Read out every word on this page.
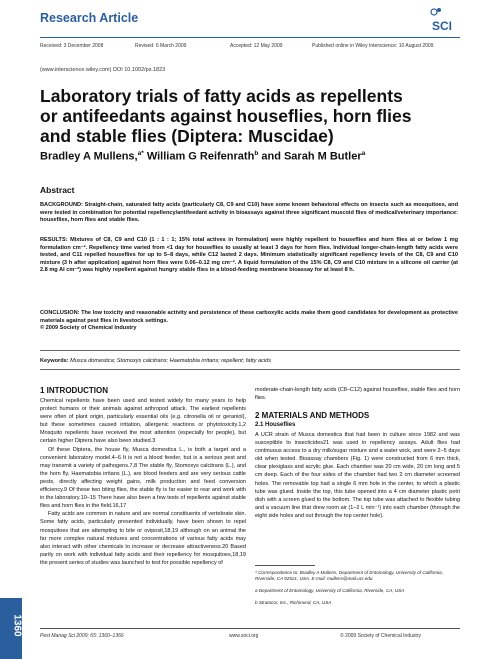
Research Article
SCI
Received: 3 December 2008	Revised: 6 March 2009	Accepted: 12 May 2009	Published online in Wiley Interscience: 10 August 2009
(www.interscience.wiley.com) DOI 10.1002/ps.1823
Laboratory trials of fatty acids as repellents
or antifeedants against houseflies, horn flies
and stable flies (Diptera: Muscidae)
Bradley A Mullens,$^{a*}$ William G Reifenrath$^b$ and Sarah M Butler$^a$
Abstract
BACKGROUND: Straight-chain, saturated fatty acids (particularly C8, C9 and C10) have some known behavioral effects on insects such as mosquitoes, and were tested in combination for potential repellency/antifeedant activity in bioassays against three significant muscoid flies of medical/veterinary importance: houseflies, horn flies and stable flies.
RESULTS: Mixtures of C8, C9 and C10 (1 : 1 : 1; 15% total actives in formulation) were highly repellent to houseflies and horn flies at or below 1 mg formulation cm⁻². Repellency time varied from <1 day for houseflies to usually at least 3 days for horn flies. Individual longer-chain-length fatty acids were tested, and C11 repelled houseflies for up to 5–8 days, while C12 lasted 2 days. Minimum statistically significant repellency levels of the C8, C9 and C10 mixture (3 h after application) against horn flies were 0.06–0.12 mg cm⁻². A liquid formulation of the 15% C8, C9 and C10 mixture in a silicone oil carrier (at 2.8 mg AI cm⁻²) was highly repellent against hungry stable flies in a blood-feeding membrane bioassay for at least 8 h.
CONCLUSION: The low toxicity and reasonable activity and persistence of these carboxylic acids make them good candidates for development as protective materials against pest flies in livestock settings.
© 2009 Society of Chemical Industry
Keywords: Musca domestica; Stomoxys calcitrans; Haematobia irritans; repellent; fatty acids
1 INTRODUCTION

Chemical repellents have been used and tested widely for many years to help protect humans or their animals against arthropod attack. The earliest repellents were often of plant origin, particularly essential oils (e.g. citronella oil or geraniol), but these sometimes caused irritation, allergenic reactions or phytotoxicity.1,2 Mosquito repellents have received the most attention (especially for people), but certain higher Diptera have also been studied.3

Of these Diptera, the house fly, Musca domestica L., is both a target and a convenient laboratory model.4–6 It is not a blood feeder, but is a serious pest and may transmit a variety of pathogens.7,8 The stable fly, Stomoxys calcitrans (L.), and the horn fly, Haematobia irritans (L.), are blood feeders and are very serious cattle pests, directly affecting weight gains, milk production and feed conversion efficiency.9 Of these two biting flies, the stable fly is far easier to rear and work with in the laboratory.10–15 There have also been a few tests of repellents against stable flies and horn flies in the field.16,17

Fatty acids are common in nature and are normal constituents of vertebrate skin. Some fatty acids, particularly presented individually, have been shown to repel mosquitoes that are attempting to bite or oviposit,18,19 although on an animal the far more complex natural mixtures and concentrations of various fatty acids may also interact with other chemicals to increase or decrease attractiveness.20 Based partly on work with individual fatty acids and their repellency for mosquitoes,18,19 the present series of studies was launched to test for possible repellency of

moderate-chain-length fatty acids (C8–C12) against houseflies, stable flies and horn flies.

2 MATERIALS AND METHODS
2.1 Houseflies

A UCR strain of Musca domestica that had been in culture since 1982 and was susceptible to insecticides21 was used in repellency assays. Adult flies had continuous access to a dry milk/sugar mixture and a water wick, and were 2–5 days old when tested. Bioassay chambers (Fig. 1) were constructed from 6 mm thick, clear plexiglass and acrylic glue. Each chamber was 20 cm wide, 20 cm long and 5 cm deep. Each of the four sides of the chamber had two 2 cm diameter screened holes. The removable top had a single 6 mm hole in the center, to which a plastic tube was glued. Inside the top, this tube opened into a 4 cm diameter plastic petri dish with a screen glued to the bottom. The top tube was attached to flexible tubing and a vacuum line that drew room air (1–2 L min⁻¹) into each chamber (through the eight side holes and out through the top center hole).

* Correspondence to: Bradley A Mullens, Department of Entomology, University of California, Riverside, CA 92521, USA. E-mail: mullens@mail.ucr.edu
a Department of Entomology, University of California, Riverside, CA, USA
b Stratacor, Inc., Richmond, CA, USA
Pest Manag Sci 2009; 65: 1360–1366	www.soci.org	© 2009 Society of Chemical Industry
1360
